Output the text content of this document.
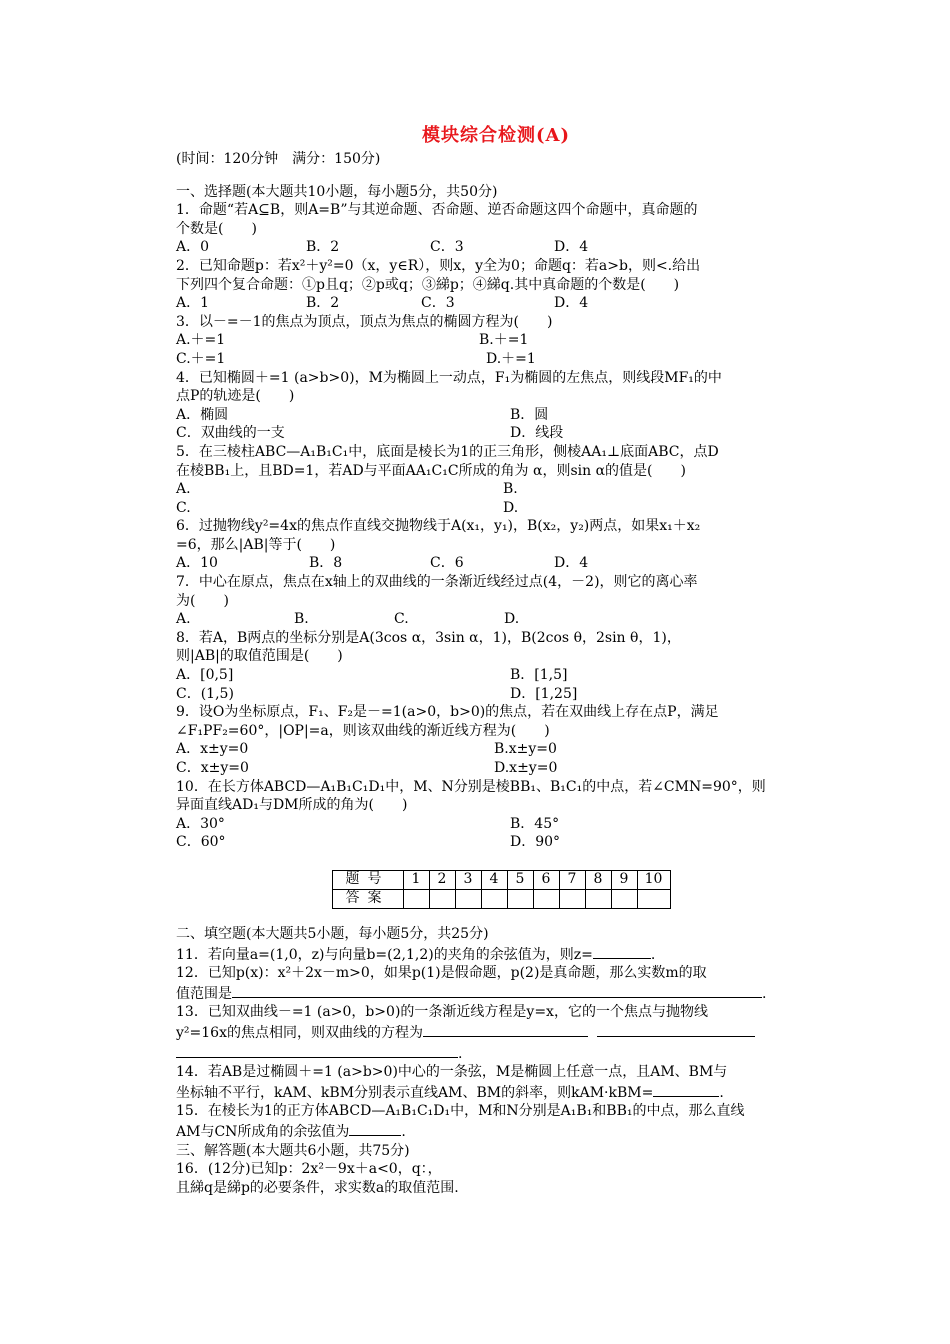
模块综合检测(A)
(时间：120分钟　满分：150分)
一、选择题(本大题共10小题，每小题5分，共50分)
1．命题“若A⊆B，则A=B”与其逆命题、否命题、逆否命题这四个命题中，真命题的
个数是(　　)
A．0	B．2	C．3	D．4
2．已知命题p：若x²＋y²=0（x，y∈R），则x，y全为0；命题q：若a>b，则<.给出
下列四个复合命题：①p且q；②p或q；③綈p；④綈q.其中真命题的个数是(　　)
A．1	B．2	C．3	D．4
3．以－=－1的焦点为顶点，顶点为焦点的椭圆方程为(　　)
A.＋=1	B.＋=1
C.＋=1	D.＋=1
4．已知椭圆＋=1 (a>b>0)，M为椭圆上一动点，F₁为椭圆的左焦点，则线段MF₁的中
点P的轨迹是(　　)
A．椭圆	B．圆
C．双曲线的一支	D．线段
5．在三棱柱ABC—A₁B₁C₁中，底面是棱长为1的正三角形，侧棱AA₁⊥底面ABC，点D
在棱BB₁上，且BD=1，若AD与平面AA₁C₁C所成的角为 α，则sin α的值是(　　)
A.	B.
C.	D.
6．过抛物线y²=4x的焦点作直线交抛物线于A(x₁，y₁)，B(x₂，y₂)两点，如果x₁＋x₂
=6，那么|AB|等于(　　)
A．10	B．8	C．6	D．4
7．中心在原点，焦点在x轴上的双曲线的一条渐近线经过点(4，－2)，则它的离心率
为(　　)
A.	B.	C.	D.
8．若A，B两点的坐标分别是A(3cos α，3sin α，1)，B(2cos θ，2sin θ，1)，
则|AB|的取值范围是(　　)
A．[0,5]	B．[1,5]
C．(1,5)	D．[1,25]
9．设O为坐标原点，F₁、F₂是－=1(a>0，b>0)的焦点，若在双曲线上存在点P，满足
∠F₁PF₂=60°，|OP|=a，则该双曲线的渐近线方程为(　　)
A．x±y=0	B.x±y=0
C．x±y=0	D.x±y=0
10．在长方体ABCD—A₁B₁C₁D₁中，M、N分别是棱BB₁、B₁C₁的中点，若∠CMN=90°，则
异面直线AD₁与DM所成的角为(　　)
A．30°	B．45°
C．60°	D．90°
题号	1	2	3	4	5	6	7	8	9	10
答案										
二、填空题(本大题共5小题，每小题5分，共25分)
11．若向量a=(1,0，z)与向量b=(2,1,2)的夹角的余弦值为，则z=	.
12．已知p(x)：x²＋2x－m>0，如果p(1)是假命题，p(2)是真命题，那么实数m的取
值范围是	.
13．已知双曲线－=1 (a>0，b>0)的一条渐近线方程是y=x，它的一个焦点与抛物线
y²=16x的焦点相同，则双曲线的方程为
.
14．若AB是过椭圆＋=1 (a>b>0)中心的一条弦，M是椭圆上任意一点，且AM、BM与
坐标轴不平行，kAM、kBM分别表示直线AM、BM的斜率，则kAM·kBM=	.
15．在棱长为1的正方体ABCD—A₁B₁C₁D₁中，M和N分别是A₁B₁和BB₁的中点，那么直线
AM与CN所成角的余弦值为	.
三、解答题(本大题共6小题，共75分)
16．(12分)已知p：2x²－9x＋a<0，q：，
且綈q是綈p的必要条件，求实数a的取值范围.
